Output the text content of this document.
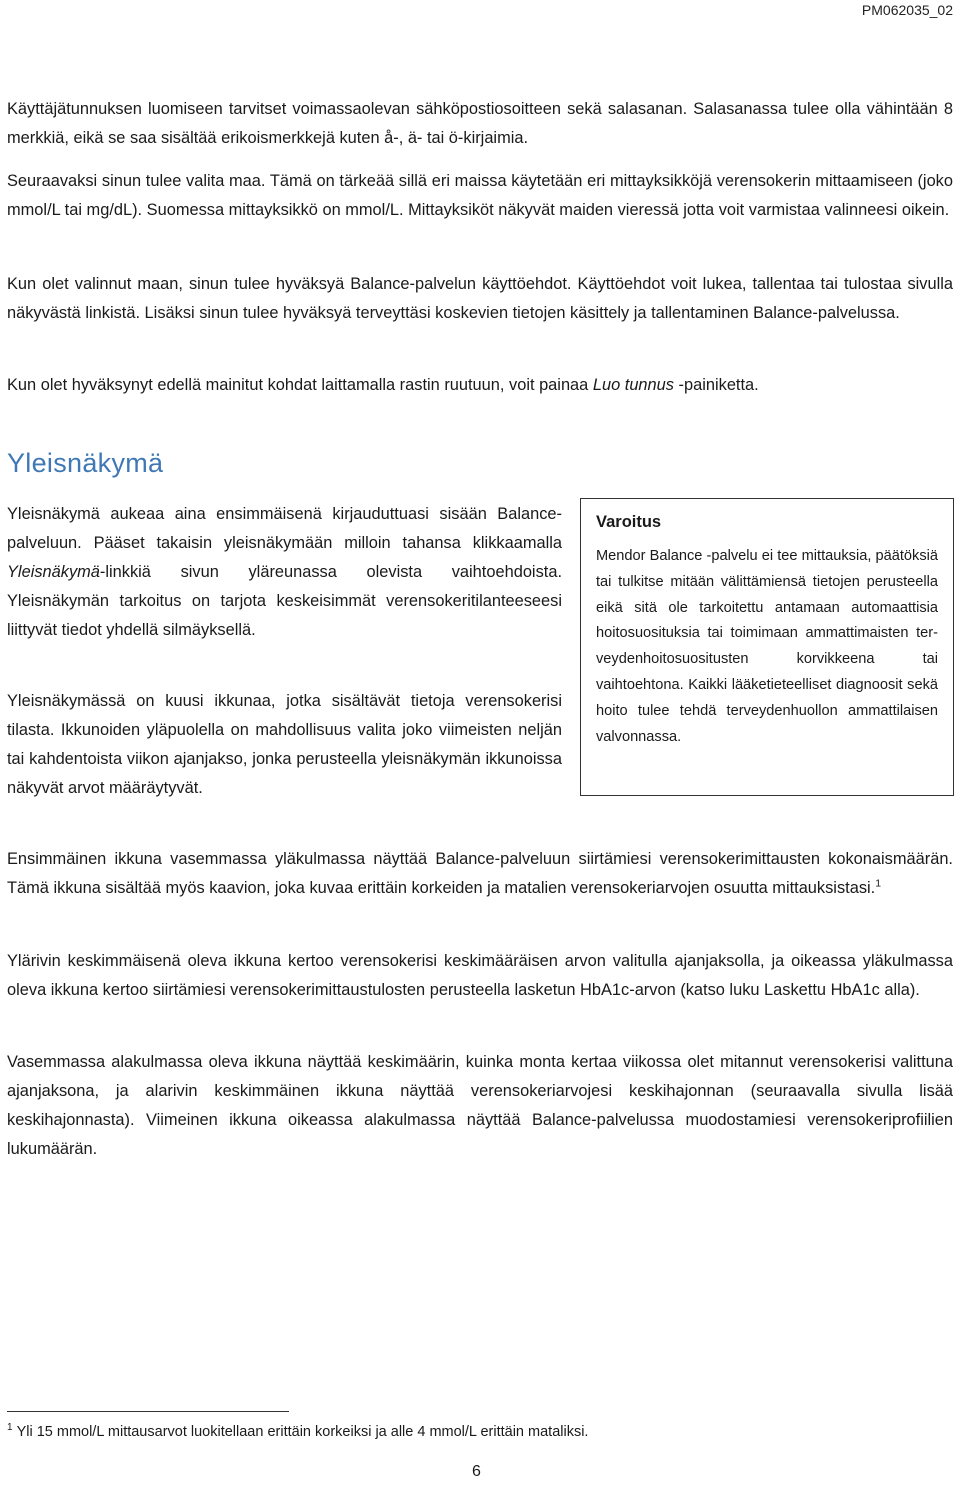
PM062035_02

Käyttäjätunnuksen luomiseen tarvitset voimassaolevan sähköpostiosoitteen sekä salasanan. Salasanassa tulee olla vähintään 8 merkkiä, eikä se saa sisältää erikoismerkkejä kuten å-, ä- tai ö-kirjaimia.

Seuraavaksi sinun tulee valita maa. Tämä on tärkeää sillä eri maissa käytetään eri mittayksikköjä verensokerin mittaamiseen (joko mmol/L tai mg/dL). Suomessa mittayksikkö on mmol/L. Mittayksiköt näkyvät maiden vieressä jotta voit varmistaa valinneesi oikein.

Kun olet valinnut maan, sinun tulee hyväksyä Balance-palvelun käyttöehdot. Käyttöehdot voit lukea, tallentaa tai tulostaa sivulla näkyvästä linkistä. Lisäksi sinun tulee hyväksyä terveyttäsi koskevien tietojen käsittely ja tallentaminen Balance-palvelussa.

Kun olet hyväksynyt edellä mainitut kohdat laittamalla rastin ruutuun, voit painaa Luo tunnus -painiketta.

Yleisnäkymä

Yleisnäkymä aukeaa aina ensimmäisenä kirjauduttuasi sisään Balance-palveluun. Pääset takaisin yleisnäkymään milloin tahansa klikkaamalla Yleisnäkymä-linkkiä sivun yläreunassa olevista vaihtoehdoista. Yleisnäkymän tarkoitus on tarjota keskeisimmät verensokeritilanteeseesi liittyvät tiedot yhdellä silmäyksellä.

Yleisnäkymässä on kuusi ikkunaa, jotka sisältävät tietoja verensokerisi tilasta. Ikkunoiden yläpuolella on mahdollisuus valita joko viimeisten neljän tai kahdentoista viikon ajanjakso, jonka perusteella yleisnäkymän ikkunoissa näkyvät arvot määräytyvät.

Varoitus

Mendor Balance -palvelu ei tee mittauksia, päätöksiä tai tulkitse mitään välittämiensä tietojen perusteella eikä sitä ole tarkoitettu antamaan automaattisia hoitosuosituksia tai toimimaan ammattimaisten terveydenhoitosuositusten korvikkeena tai vaihtoehtona. Kaikki lääketieteelliset diagnoosit sekä hoito tulee tehdä terveydenhuollon ammattilaisen valvonnassa.

Ensimmäinen ikkuna vasemmassa yläkulmassa näyttää Balance-palveluun siirtämiesi verensokerimittausten kokonaismäärän. Tämä ikkuna sisältää myös kaavion, joka kuvaa erittäin korkeiden ja matalien verensokeriarvojen osuutta mittauksistasi.$^1$

Ylärivin keskimmäisenä oleva ikkuna kertoo verensokerisi keskimääräisen arvon valitulla ajanjaksolla, ja oikeassa yläkulmassa oleva ikkuna kertoo siirtämiesi verensokerimittaustulosten perusteella lasketun HbA1c-arvon (katso luku Laskettu HbA1c alla).

Vasemmassa alakulmassa oleva ikkuna näyttää keskimäärin, kuinka monta kertaa viikossa olet mitannut verensokerisi valittuna ajanjaksona, ja alarivin keskimmäinen ikkuna näyttää verensokeriarvojesi keskihajonnan (seuraavalla sivulla lisää keskihajonnasta). Viimeinen ikkuna oikeassa alakulmassa näyttää Balance-palvelussa muodostamiesi verensokeriprofiilien lukumäärän.

$^1$ Yli 15 mmol/L mittausarvot luokitellaan erittäin korkeiksi ja alle 4 mmol/L erittäin mataliksi.

6
